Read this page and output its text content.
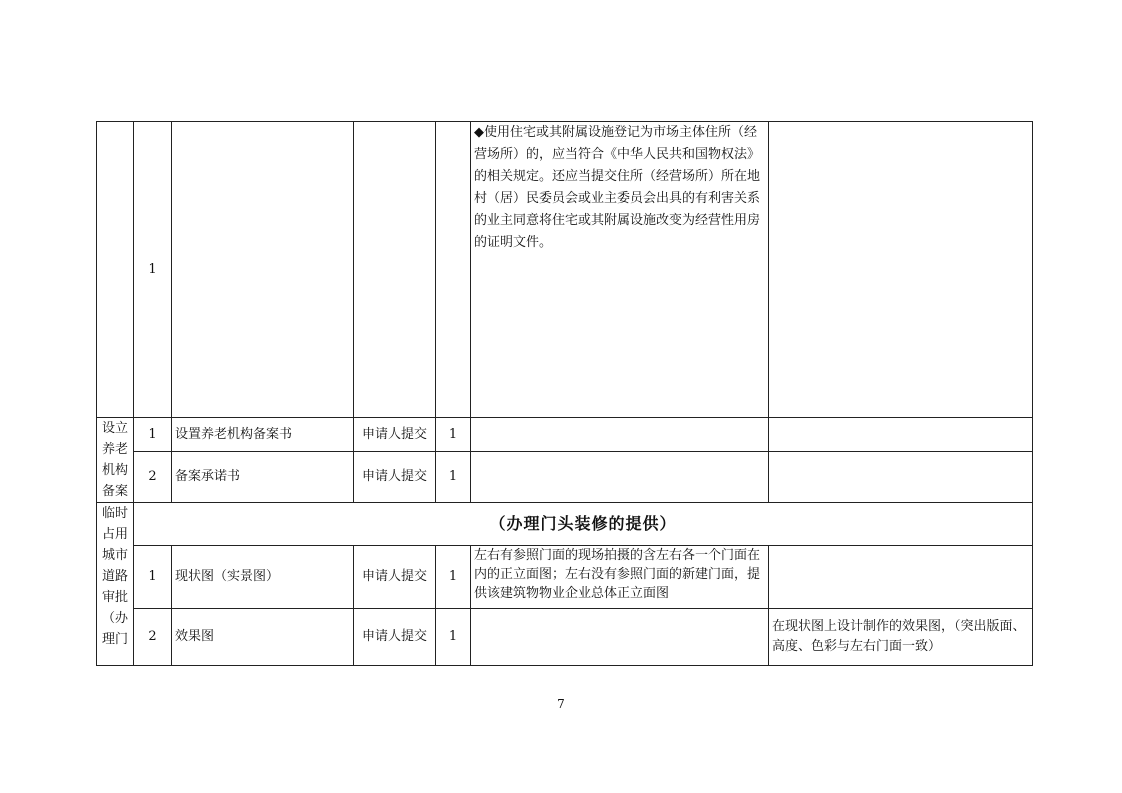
	1				◆使用住宅或其附属设施登记为市场主体住所（经营场所）的，应当符合《中华人民共和国物权法》的相关规定。还应当提交住所（经营场所）所在地村（居）民委员会或业主委员会出具的有利害关系的业主同意将住宅或其附属设施改变为经营性用房的证明文件。	

设立养老机构备案	1	设置养老机构备案书	申请人提交	1		
	2	备案承诺书	申请人提交	1		

临时占用城市道路审批（办理门	（办理门头装修的提供）					
	1	现状图（实景图）	申请人提交	1	左右有参照门面的现场拍摄的含左右各一个门面在内的正立面图；左右没有参照门面的新建门面，提供该建筑物物业企业总体正立面图	
	2	效果图	申请人提交	1		在现状图上设计制作的效果图，（突出版面、高度、色彩与左右门面一致）
7
